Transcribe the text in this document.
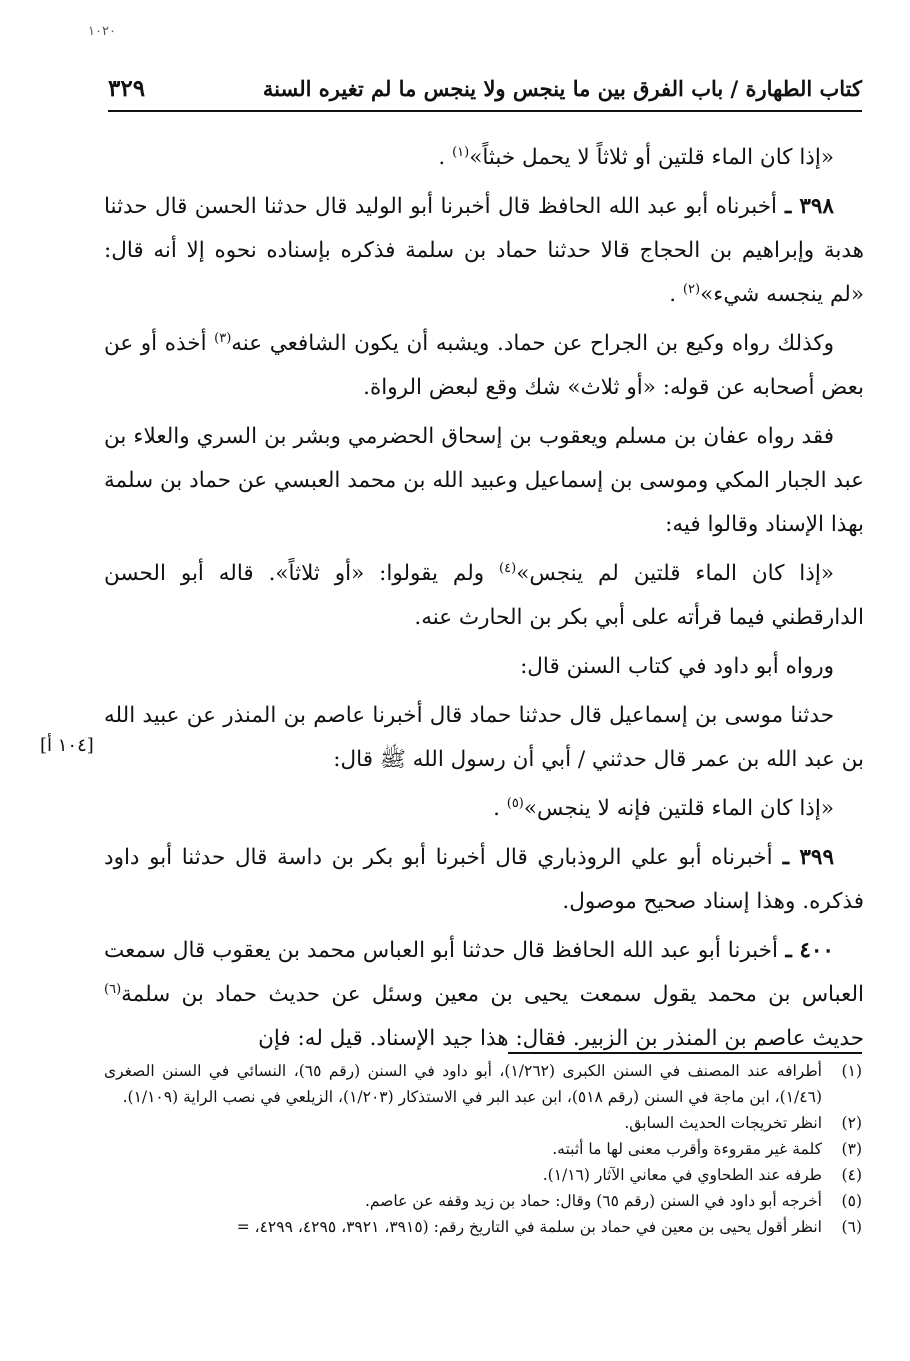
۱۰۲٠
كتاب الطهارة / باب الفرق بين ما ينجس ولا ينجس ما لم تغيره السنة
٣٢٩

«إذا كان الماء قلتين أو ثلاثاً لا يحمل خبثاً»$^{(١)}$ .

٣٩٨ ـ أخبرناه أبو عبد الله الحافظ قال أخبرنا أبو الوليد قال حدثنا الحسن قال حدثنا هدبة وإبراهيم بن الحجاج قالا حدثنا حماد بن سلمة فذكره بإسناده نحوه إلا أنه قال: «لم ينجسه شيء»$^{(٢)}$ .

وكذلك رواه وكيع بن الجراح عن حماد. ويشبه أن يكون الشافعي عنه$^{(٣)}$ أخذه أو عن بعض أصحابه عن قوله: «أو ثلاث» شك وقع لبعض الرواة.

فقد رواه عفان بن مسلم ويعقوب بن إسحاق الحضرمي وبشر بن السري والعلاء بن عبد الجبار المكي وموسى بن إسماعيل وعبيد الله بن محمد العبسي عن حماد بن سلمة بهذا الإسناد وقالوا فيه:

«إذا كان الماء قلتين لم ينجس»$^{(٤)}$ ولم يقولوا: «أو ثلاثاً». قاله أبو الحسن الدارقطني فيما قرأته على أبي بكر بن الحارث عنه.

ورواه أبو داود في كتاب السنن قال:

حدثنا موسى بن إسماعيل قال حدثنا حماد قال أخبرنا عاصم بن المنذر عن عبيد الله بن عبد الله بن عمر قال حدثني / أبي أن رسول الله ﷺ قال:

«إذا كان الماء قلتين فإنه لا ينجس»$^{(٥)}$ .

٣٩٩ ـ أخبرناه أبو علي الروذباري قال أخبرنا أبو بكر بن داسة قال حدثنا أبو داود فذكره. وهذا إسناد صحيح موصول.

٤٠٠ ـ أخبرنا أبو عبد الله الحافظ قال حدثنا أبو العباس محمد بن يعقوب قال سمعت العباس بن محمد يقول سمعت يحيى بن معين وسئل عن حديث حماد بن سلمة$^{(٦)}$ حديث عاصم بن المنذر بن الزبير. فقال: هذا جيد الإسناد. قيل له: فإن

[١٠٤ أ]
(١)
أطرافه عند المصنف في السنن الكبرى (١/٢٦٢)، أبو داود في السنن (رقم ٦٥)، النسائي في السنن الصغرى (١/٤٦)، ابن ماجة في السنن (رقم ٥١٨)، ابن عبد البر في الاستذكار (١/٢٠٣)، الزيلعي في نصب الراية (١/١٠٩).
(٢)
انظر تخريجات الحديث السابق.
(٣)
كلمة غير مقروءة وأقرب معنى لها ما أثبته.
(٤)
طرفه عند الطحاوي في معاني الآثار (١/١٦).
(٥)
أخرجه أبو داود في السنن (رقم ٦٥) وقال: حماد بن زيد وقفه عن عاصم.
(٦)
انظر أقول يحيى بن معين في حماد بن سلمة في التاريخ رقم: (٣٩١٥، ٣٩٢١، ٤٢٩٥، ٤٢٩٩، =
